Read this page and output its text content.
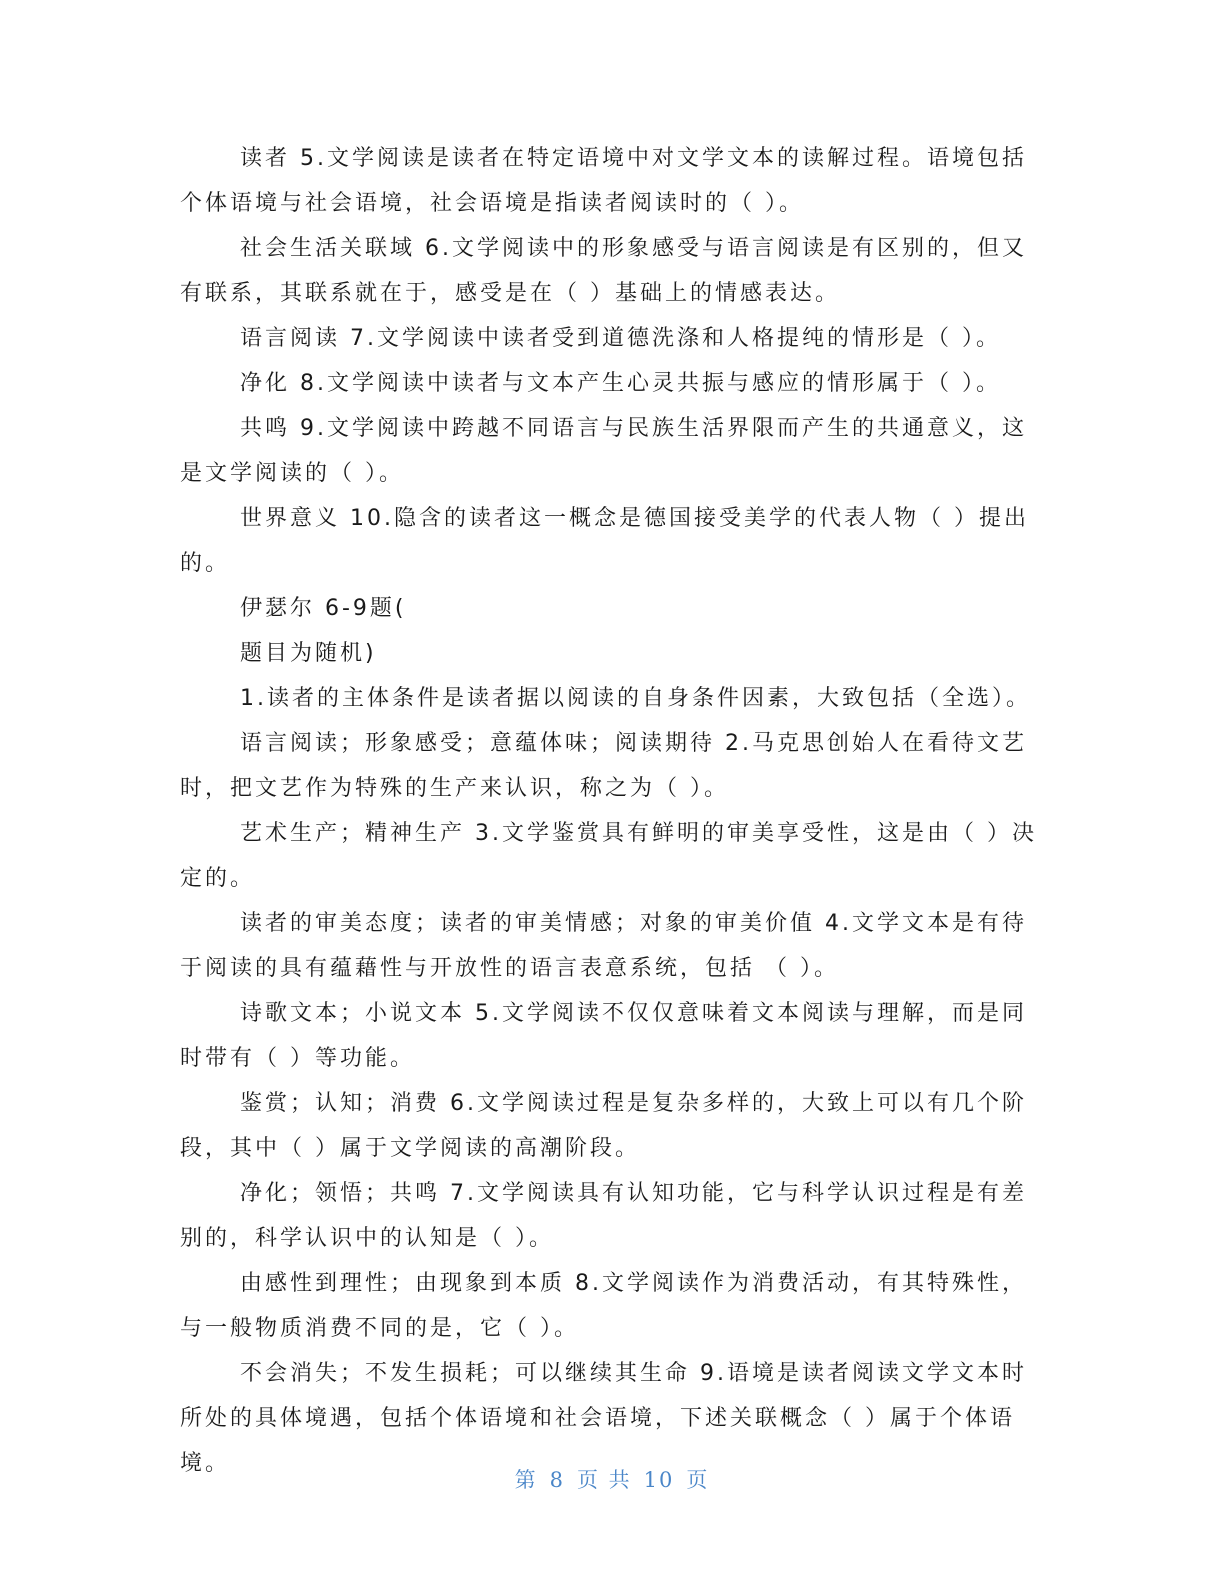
读者 5.文学阅读是读者在特定语境中对文学文本的读解过程。语境包括个体语境与社会语境，社会语境是指读者阅读时的（ ）。

社会生活关联域 6.文学阅读中的形象感受与语言阅读是有区别的，但又有联系，其联系就在于，感受是在（ ）基础上的情感表达。

语言阅读 7.文学阅读中读者受到道德洗涤和人格提纯的情形是（ ）。

净化 8.文学阅读中读者与文本产生心灵共振与感应的情形属于（ ）。

共鸣 9.文学阅读中跨越不同语言与民族生活界限而产生的共通意义，这是文学阅读的（ ）。

世界意义 10.隐含的读者这一概念是德国接受美学的代表人物（ ）提出的。

伊瑟尔 6-9题(

题目为随机)

1.读者的主体条件是读者据以阅读的自身条件因素，大致包括（全选）。

语言阅读；形象感受；意蕴体味；阅读期待 2.马克思创始人在看待文艺时，把文艺作为特殊的生产来认识，称之为（ ）。

艺术生产；精神生产 3.文学鉴赏具有鲜明的审美享受性，这是由（ ）决定的。

读者的审美态度；读者的审美情感；对象的审美价值 4.文学文本是有待于阅读的具有蕴藉性与开放性的语言表意系统，包括 （ ）。

诗歌文本；小说文本 5.文学阅读不仅仅意味着文本阅读与理解，而是同时带有（ ）等功能。

鉴赏；认知；消费 6.文学阅读过程是复杂多样的，大致上可以有几个阶段，其中（ ）属于文学阅读的高潮阶段。

净化；领悟；共鸣 7.文学阅读具有认知功能，它与科学认识过程是有差别的，科学认识中的认知是（ ）。

由感性到理性；由现象到本质 8.文学阅读作为消费活动，有其特殊性，与一般物质消费不同的是，它（ ）。

不会消失；不发生损耗；可以继续其生命 9.语境是读者阅读文学文本时所处的具体境遇，包括个体语境和社会语境，下述关联概念（ ）属于个体语境。

第 8 页 共 10 页
